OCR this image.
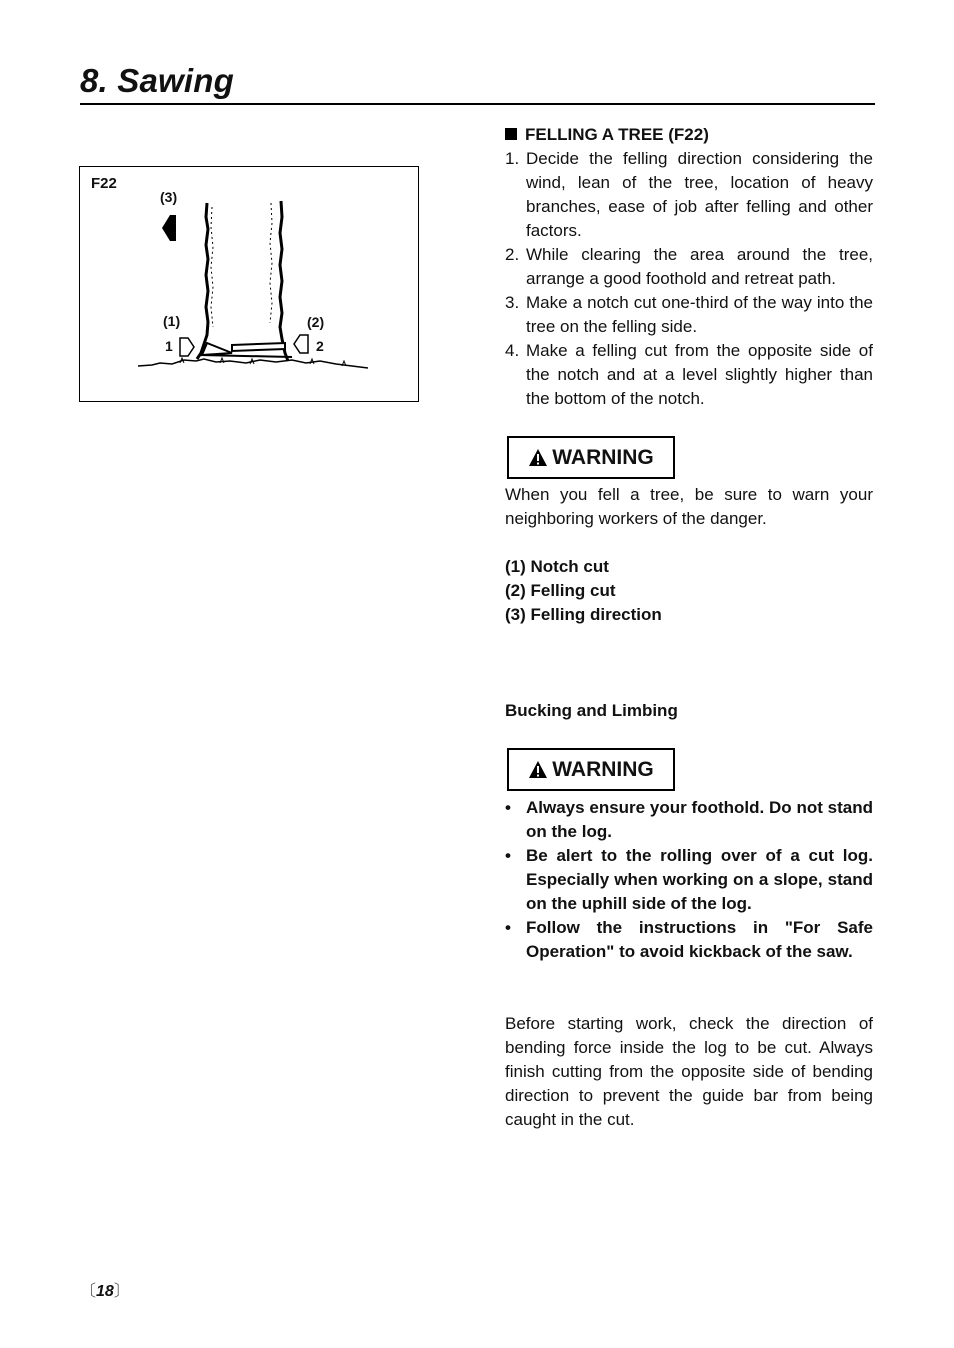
8. Sawing
F22
(3)
(1)	(2)
1	2
FELLING A TREE (F22)
1. Decide the felling direction considering the wind, lean of the tree, location of heavy branches, ease of job after felling and other factors.
2. While clearing the area around the tree, arrange a good foothold and retreat path.
3. Make a notch cut one-third of the way into the tree on the felling side.
4. Make a felling cut from the opposite side of the notch and at a level slightly higher than the bottom of the notch.
WARNING
When you fell a tree, be sure to warn your neighboring workers of the danger.
(1) Notch cut
(2) Felling cut
(3) Felling direction
Bucking and Limbing
WARNING
• Always ensure your foothold. Do not stand on the log.
• Be alert to the rolling over of a cut log. Especially when working on a slope, stand on the uphill side of the log.
• Follow the instructions in "For Safe Operation" to avoid kickback of the saw.
Before starting work, check the direction of bending force inside the log to be cut. Always finish cutting from the opposite side of bending direction to prevent the guide bar from being caught in the cut.
〔18〕
